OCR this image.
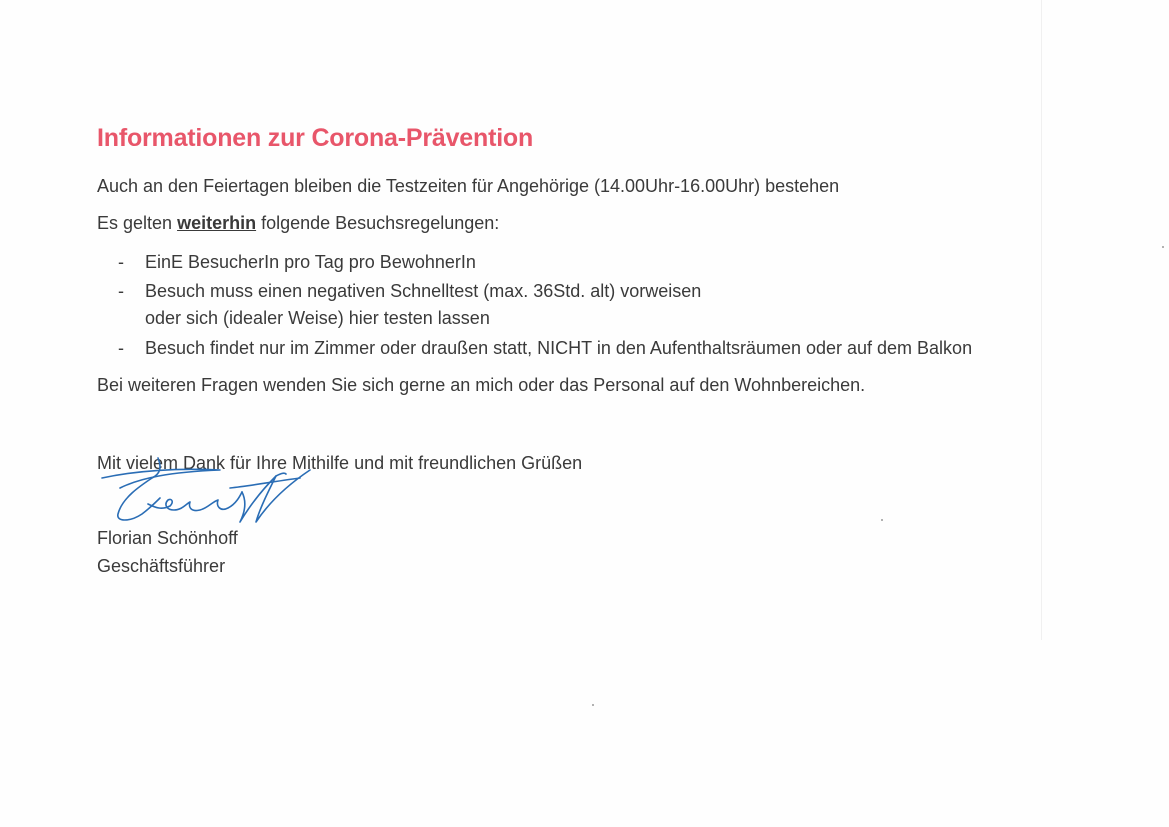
Informationen zur Corona-Prävention
Auch an den Feiertagen bleiben die Testzeiten für Angehörige (14.00Uhr-16.00Uhr) bestehen
Es gelten weiterhin folgende Besuchsregelungen:
- EinE BesucherIn pro Tag pro BewohnerIn
- Besuch muss einen negativen Schnelltest (max. 36Std. alt) vorweisen
oder sich (idealer Weise) hier testen lassen
- Besuch findet nur im Zimmer oder draußen statt, NICHT in den Aufenthaltsräumen oder auf dem Balkon
Bei weiteren Fragen wenden Sie sich gerne an mich oder das Personal auf den Wohnbereichen.
Mit vielem Dank für Ihre Mithilfe und mit freundlichen Grüßen
Florian Schönhoff
Geschäftsführer
